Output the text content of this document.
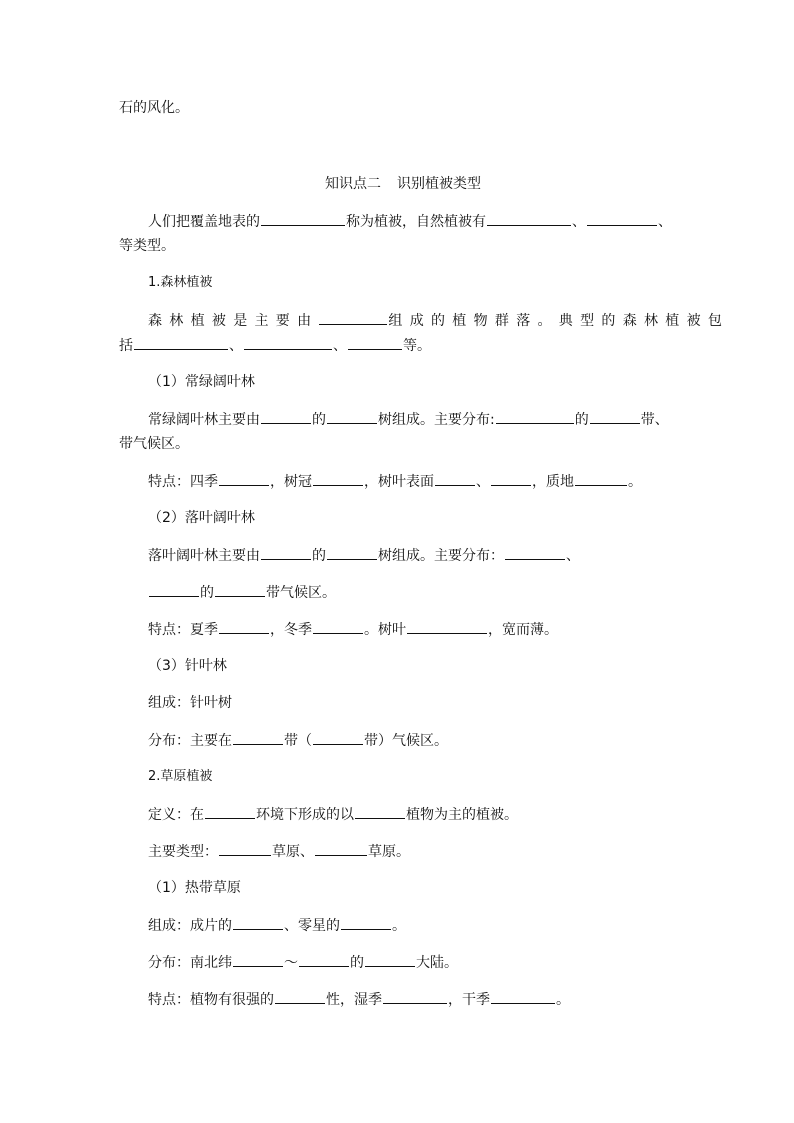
石的风化。
知识点二 识别植被类型
人们把覆盖地表的	称为植被，自然植被有	、	、
等类型。
1.森林植被
森林植被是主要由	组成的植物群落。典型的森林植被包
括	、	、	等。
（1）常绿阔叶林
常绿阔叶林主要由	的	树组成。主要分布:	的	带、
带气候区。
特点：四季	，树冠	，树叶表面	、	，质地	。
（2）落叶阔叶林
落叶阔叶林主要由	的	树组成。主要分布：	、
的	带气候区。
特点：夏季	，冬季	。树叶	，宽而薄。
（3）针叶林
组成：针叶树
分布：主要在	带（	带）气候区。
2.草原植被
定义：在	环境下形成的以	植物为主的植被。
主要类型：	草原、	草原。
（1）热带草原
组成：成片的	、零星的	。
分布：南北纬	～	的	大陆。
特点：植物有很强的	性，湿季	，干季	。
